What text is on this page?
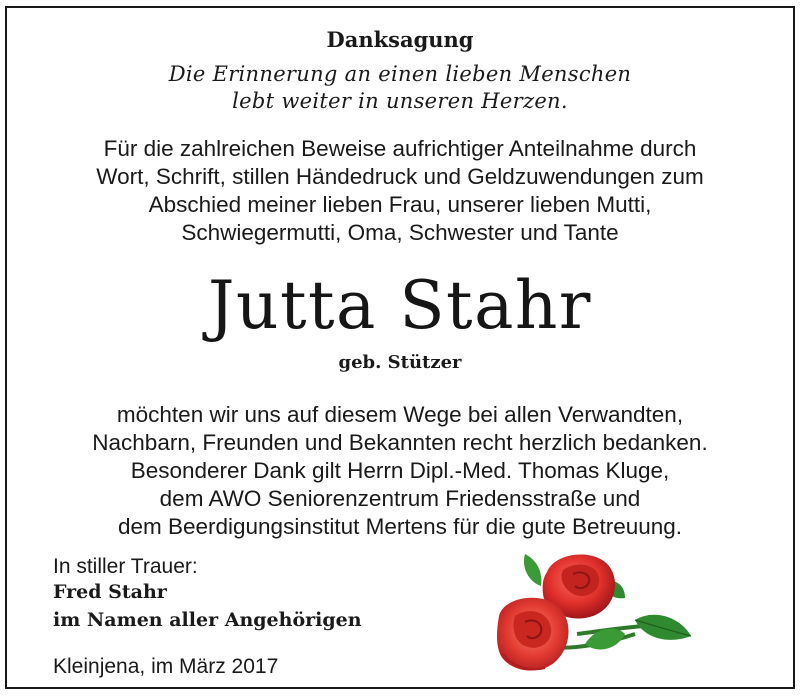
Danksagung
Die Erinnerung an einen lieben Menschen
lebt weiter in unseren Herzen.
Für die zahlreichen Beweise aufrichtiger Anteilnahme durch
Wort, Schrift, stillen Händedruck und Geldzuwendungen zum
Abschied meiner lieben Frau, unserer lieben Mutti,
Schwiegermutti, Oma, Schwester und Tante
Jutta Stahr
geb. Stützer
möchten wir uns auf diesem Wege bei allen Verwandten,
Nachbarn, Freunden und Bekannten recht herzlich bedanken.
Besonderer Dank gilt Herrn Dipl.-Med. Thomas Kluge,
dem AWO Seniorenzentrum Friedensstraße und
dem Beerdigungsinstitut Mertens für die gute Betreuung.
In stiller Trauer:
Fred Stahr
im Namen aller Angehörigen
Kleinjena, im März 2017
